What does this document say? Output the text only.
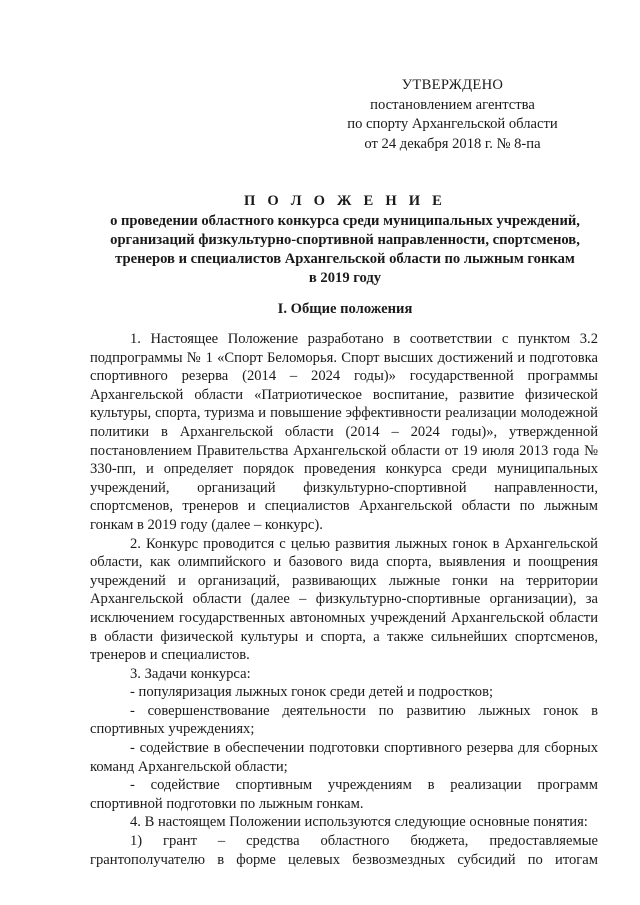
УТВЕРЖДЕНО
постановлением агентства
по спорту Архангельской области
от 24 декабря 2018 г. № 8-па
П О Л О Ж Е Н И Е
о проведении областного конкурса среди муниципальных учреждений,
организаций физкультурно-спортивной направленности, спортсменов,
тренеров и специалистов Архангельской области по лыжным гонкам
в 2019 году
I. Общие положения

1. Настоящее Положение разработано в соответствии с пунктом 3.2 подпрограммы № 1 «Спорт Беломорья. Спорт высших достижений и подготовка спортивного резерва (2014 – 2024 годы)» государственной программы Архангельской области «Патриотическое воспитание, развитие физической культуры, спорта, туризма и повышение эффективности реализации молодежной политики в Архангельской области (2014 – 2024 годы)», утвержденной постановлением Правительства Архангельской области от 19 июля 2013 года № 330-пп, и определяет порядок проведения конкурса среди муниципальных учреждений, организаций физкультурно-спортивной направленности, спортсменов, тренеров и специалистов Архангельской области по лыжным гонкам в 2019 году (далее – конкурс).

2. Конкурс проводится с целью развития лыжных гонок в Архангельской области, как олимпийского и базового вида спорта, выявления и поощрения учреждений и организаций, развивающих лыжные гонки на территории Архангельской области (далее – физкультурно-спортивные организации), за исключением государственных автономных учреждений Архангельской области в области физической культуры и спорта, а также сильнейших спортсменов, тренеров и специалистов.

3. Задачи конкурса:

- популяризация лыжных гонок среди детей и подростков;

- совершенствование деятельности по развитию лыжных гонок в спортивных учреждениях;

- содействие в обеспечении подготовки спортивного резерва для сборных команд Архангельской области;

- содействие спортивным учреждениям в реализации программ спортивной подготовки по лыжным гонкам.

4. В настоящем Положении используются следующие основные понятия:

1) грант – средства областного бюджета, предоставляемые грантополучателю в форме целевых безвозмездных субсидий по итогам
